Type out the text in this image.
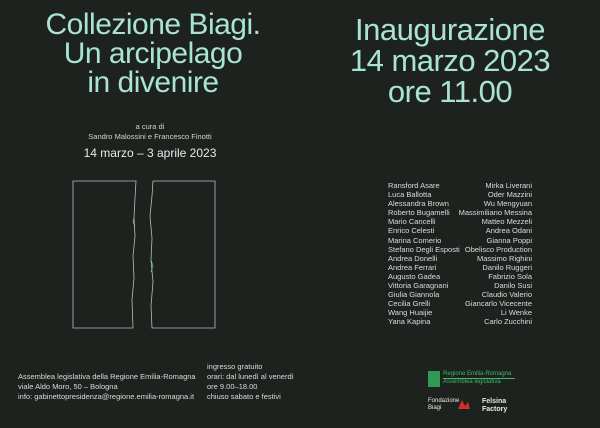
Collezione Biagi.
Un arcipelago
in divenire
a cura di
Sandro Malossini e Francesco Finotti
14 marzo – 3 aprile 2023
Inaugurazione
14 marzo 2023
ore 11.00
Ransford Asare
Luca Ballotta
Alessandra Brown
Roberto Bugamelli
Mario Cancelli
Enrico Celesti
Marina Comerio
Stefano Degli Esposti
Andrea Donelli
Andrea Ferrari
Augusto Gadea
Vittoria Garagnani
Giulia Giannola
Cecilia Grelli
Wang Huaijie
Yana Kapina
Mirka Liverani
Oder Mazzini
Wu Mengyuan
Massimiliano Messina
Matteo Mezzeli
Andrea Odani
Gianna Poppi
Obelisco Production
Massimo Righini
Danilo Ruggeri
Fabrizio Sola
Danilo Susi
Claudio Valerio
Giancarlo Vicecente
Li Wenke
Carlo Zucchini
Assemblea legislativa della Regione Emilia-Romagna
viale Aldo Moro, 50 – Bologna
info: gabinettopresidenza@regione.emilia-romagna.it
ingresso gratuito
orari: dal lunedì al venerdì
ore 9.00–18.00
chiuso sabato e festivi
Regione Emilia-Romagna
Assemblea legislativa
Fondazione
Biagi
Felsina
Factory
